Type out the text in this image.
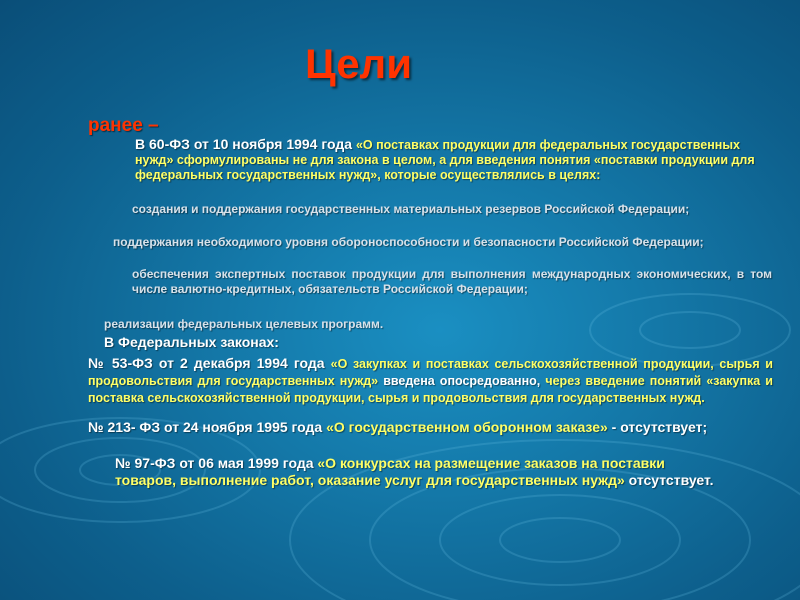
Цели
ранее –
В 60-ФЗ от 10 ноября 1994 года «О поставках продукции для федеральных государственных нужд» сформулированы не для закона в целом, а для введения понятия «поставки продукции для федеральных государственных нужд», которые осуществлялись в целях:
создания и поддержания государственных материальных резервов Российской Федерации;
поддержания необходимого уровня обороноспособности и безопасности Российской Федерации;
обеспечения экспертных поставок продукции для выполнения международных экономических, в том числе валютно-кредитных, обязательств Российской Федерации;
реализации федеральных целевых программ.
В Федеральных законах:
№ 53-ФЗ от 2 декабря 1994 года «О закупках и поставках сельскохозяйственной продукции, сырья и продовольствия для государственных нужд» введена опосредованно, через введение понятий «закупка и поставка сельскохозяйственной продукции, сырья и продовольствия для государственных нужд.
№ 213- ФЗ от 24 ноября 1995 года «О государственном оборонном заказе» - отсутствует;
№ 97-ФЗ от 06 мая 1999 года «О конкурсах на размещение заказов на поставки товаров, выполнение работ, оказание услуг для государственных нужд» отсутствует.
